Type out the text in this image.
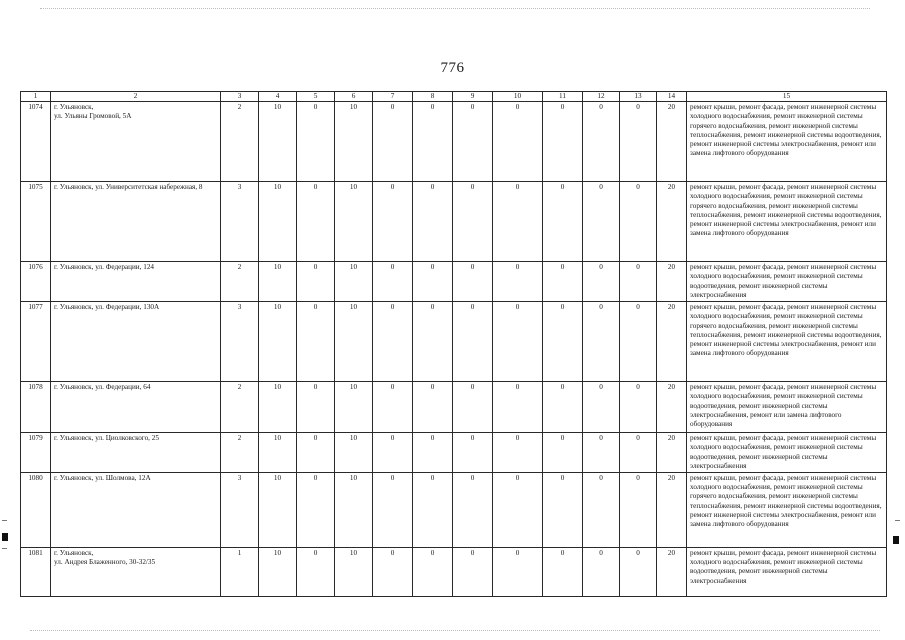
776
1	2	3	4	5	6	7	8	9	10	11	12	13	14	15
1074	г. Ульяновск,
ул. Ульяны Громовой, 5А	2	10	0	10	0	0	0	0	0	0	0	20	ремонт крыши, ремонт фасада, ремонт инженерной системы холодного водоснабжения, ремонт инженерной системы горячего водоснабжения, ремонт инженерной системы теплоснабжения, ремонт инженерной системы водоотведения, ремонт инженерной системы электроснабжения, ремонт или замена лифтового оборудования
1075	г. Ульяновск, ул. Университетская набережная, 8	3	10	0	10	0	0	0	0	0	0	0	20	ремонт крыши, ремонт фасада, ремонт инженерной системы холодного водоснабжения, ремонт инженерной системы горячего водоснабжения, ремонт инженерной системы теплоснабжения, ремонт инженерной системы водоотведения, ремонт инженерной системы электроснабжения, ремонт или замена лифтового оборудования
1076	г. Ульяновск, ул. Федерации, 124	2	10	0	10	0	0	0	0	0	0	0	20	ремонт крыши, ремонт фасада, ремонт инженерной системы холодного водоснабжения, ремонт инженерной системы водоотведения, ремонт инженерной системы электроснабжения
1077	г. Ульяновск, ул. Федерации, 130А	3	10	0	10	0	0	0	0	0	0	0	20	ремонт крыши, ремонт фасада, ремонт инженерной системы холодного водоснабжения, ремонт инженерной системы горячего водоснабжения, ремонт инженерной системы теплоснабжения, ремонт инженерной системы водоотведения, ремонт инженерной системы электроснабжения, ремонт или замена лифтового оборудования
1078	г. Ульяновск, ул. Федерации, 64	2	10	0	10	0	0	0	0	0	0	0	20	ремонт крыши, ремонт фасада, ремонт инженерной системы холодного водоснабжения, ремонт инженерной системы водоотведения, ремонт инженерной системы электроснабжения, ремонт или замена лифтового оборудования
1079	г. Ульяновск, ул. Циолковского, 25	2	10	0	10	0	0	0	0	0	0	0	20	ремонт крыши, ремонт фасада, ремонт инженерной системы холодного водоснабжения, ремонт инженерной системы водоотведения, ремонт инженерной системы электроснабжения
1080	г. Ульяновск, ул. Шолмова, 12А	3	10	0	10	0	0	0	0	0	0	0	20	ремонт крыши, ремонт фасада, ремонт инженерной системы холодного водоснабжения, ремонт инженерной системы горячего водоснабжения, ремонт инженерной системы теплоснабжения, ремонт инженерной системы водоотведения, ремонт инженерной системы электроснабжения, ремонт или замена лифтового оборудования
1081	г. Ульяновск,
ул. Андрея Блаженного, 30-32/35	1	10	0	10	0	0	0	0	0	0	0	20	ремонт крыши, ремонт фасада, ремонт инженерной системы холодного водоснабжения, ремонт инженерной системы водоотведения, ремонт инженерной системы электроснабжения
